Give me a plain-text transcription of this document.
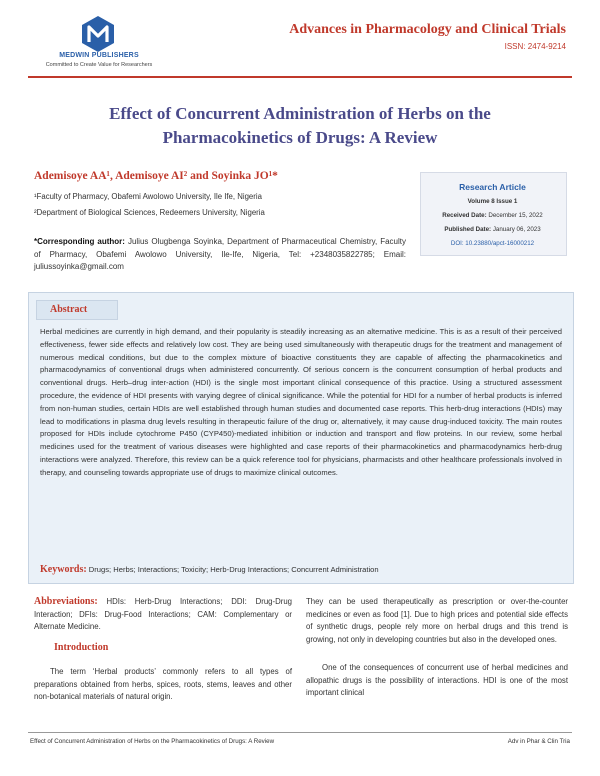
MEDWIN PUBLISHERS
Committed to Create Value for Researchers
Advances in Pharmacology and Clinical Trials
ISSN: 2474-9214
Effect of Concurrent Administration of Herbs on the
Pharmacokinetics of Drugs: A Review
Ademisoye AA¹, Ademisoye AI² and Soyinka JO¹*
¹Faculty of Pharmacy, Obafemi Awolowo University, Ile Ife, Nigeria
²Department of Biological Sciences, Redeemers University, Nigeria
Research Article
Volume 8 Issue 1
Received Date: December 15, 2022
Published Date: January 06, 2023
DOI: 10.23880/apct-16000212
*Corresponding author: Julius Olugbenga Soyinka, Department of Pharmaceutical Chemistry, Faculty of Pharmacy, Obafemi Awolowo University, Ile-Ife, Nigeria, Tel: +2348035822785; Email: juliussoyinka@gmail.com
Abstract
Herbal medicines are currently in high demand, and their popularity is steadily increasing as an alternative medicine. This is as a result of their perceived effectiveness, fewer side effects and relatively low cost. They are being used simultaneously with therapeutic drugs for the treatment and management of numerous medical conditions, but due to the complex mixture of bioactive constituents they are capable of affecting the pharmacokinetics and pharmacodynamics of conventional drugs when administered concurrently. Of serious concern is the concurrent consumption of herbal products and conventional drugs. Herb–drug inter-action (HDI) is the single most important clinical consequence of this practice. Using a structured assessment procedure, the evidence of HDI presents with varying degree of clinical significance. While the potential for HDI for a number of herbal products is inferred from non-human studies, certain HDIs are well established through human studies and documented case reports. This herb-drug interactions (HDIs) may lead to modifications in plasma drug levels resulting in therapeutic failure of the drug or, alternatively, it may cause drug-induced toxicity. The main routes proposed for HDIs include cytochrome P450 (CYP450)-mediated inhibition or induction and transport and flow proteins. In our review, some herbal medicines used for the treatment of various diseases were highlighted and case reports of their pharmacokinetics and pharmacodynamics herb-drug interactions were analyzed. Therefore, this review can be a quick reference tool for physicians, pharmacists and other healthcare professionals involved in therapy, and counseling towards appropriate use of drugs to maximize clinical outcomes.
Keywords: Drugs; Herbs; Interactions; Toxicity; Herb-Drug Interactions; Concurrent Administration
Abbreviations: HDIs: Herb-Drug Interactions; DDI: Drug-Drug Interaction; DFIs: Drug-Food Interactions; CAM: Complementary or Alternate Medicine.
Introduction
The term ‘Herbal products’ commonly refers to all types of preparations obtained from herbs, spices, roots, stems, leaves and other non-botanical materials of natural origin.
They can be used therapeutically as prescription or over-the-counter medicines or even as food [1]. Due to high prices and potential side effects of synthetic drugs, people rely more on herbal drugs and this trend is growing, not only in developing countries but also in the developed ones.
One of the consequences of concurrent use of herbal medicines and allopathic drugs is the possibility of interactions. HDI is one of the most important clinical
Effect of Concurrent Administration of Herbs on the Pharmacokinetics of Drugs: A Review	Adv in Phar & Clin Tria
